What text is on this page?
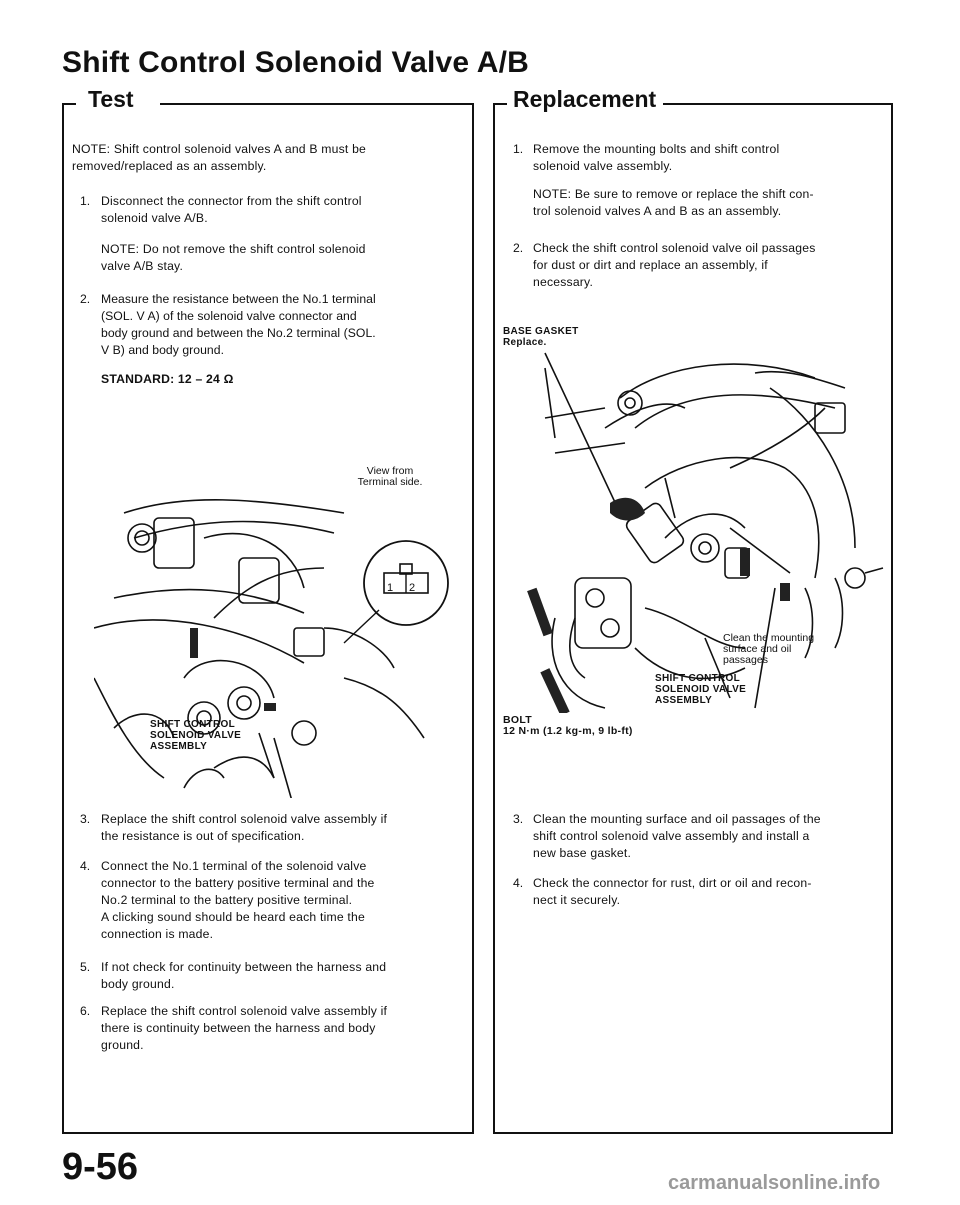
Shift Control Solenoid Valve A/B
Test
NOTE: Shift control solenoid valves A and B must be
removed/replaced as an assembly.
1. Disconnect the connector from the shift control
solenoid valve A/B.
NOTE: Do not remove the shift control solenoid
valve A/B stay.
2. Measure the resistance between the No.1 terminal
(SOL. V A) of the solenoid valve connector and
body ground and between the No.2 terminal (SOL.
V B) and body ground.
STANDARD: 12 – 24 Ω
View from
Terminal side.
1 2
SHIFT CONTROL
SOLENOID VALVE
ASSEMBLY
3. Replace the shift control solenoid valve assembly if
the resistance is out of specification.
4. Connect the No.1 terminal of the solenoid valve
connector to the battery positive terminal and the
No.2 terminal to the battery positive terminal.
A clicking sound should be heard each time the
connection is made.
5. If not check for continuity between the harness and
body ground.
6. Replace the shift control solenoid valve assembly if
there is continuity between the harness and body
ground.
Replacement
1. Remove the mounting bolts and shift control
solenoid valve assembly.
NOTE: Be sure to remove or replace the shift con-
trol solenoid valves A and B as an assembly.
2. Check the shift control solenoid valve oil passages
for dust or dirt and replace an assembly, if
necessary.
BASE GASKET
Replace.
Clean the mounting
surface and oil
passages
SHIFT CONTROL
SOLENOID VALVE
ASSEMBLY
BOLT
12 N·m (1.2 kg-m, 9 lb-ft)
3. Clean the mounting surface and oil passages of the
shift control solenoid valve assembly and install a
new base gasket.
4. Check the connector for rust, dirt or oil and recon-
nect it securely.
9-56	carmanualsonline.info
